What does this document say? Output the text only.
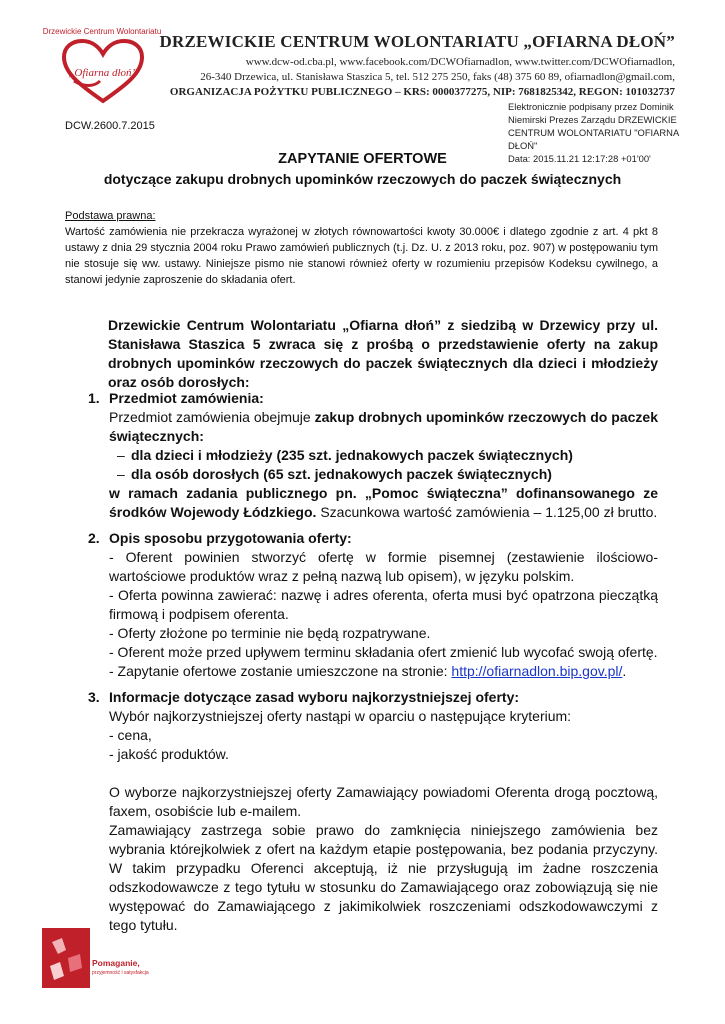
Drzewickie Centrum Wolontariatu
„Ofiarna dłoń”
DRZEWICKIE CENTRUM WOLONTARIATU „OFIARNA DŁOŃ”
www.dcw-od.cba.pl, www.facebook.com/DCWOfiarnadlon, www.twitter.com/DCWOfiarnadlon,
26-340 Drzewica, ul. Stanisława Staszica 5, tel. 512 275 250, faks (48) 375 60 89, ofiarnadlon@gmail.com,
ORGANIZACJA POŻYTKU PUBLICZNEGO – KRS: 0000377275, NIP: 7681825342, REGON: 101032737
DCW.2600.7.2015
Elektronicznie podpisany przez Dominik
Niemirski Prezes Zarządu DRZEWICKIE
CENTRUM WOLONTARIATU "OFIARNA DŁOŃ"
Data: 2015.11.21 12:17:28 +01'00'
ZAPYTANIE OFERTOWE
dotyczące zakupu drobnych upominków rzeczowych do paczek świątecznych
Podstawa prawna:
Wartość zamówienia nie przekracza wyrażonej w złotych równowartości kwoty 30.000€ i dlatego zgodnie z art. 4 pkt 8 ustawy z dnia 29 stycznia 2004 roku Prawo zamówień publicznych (t.j. Dz. U. z 2013 roku, poz. 907) w postępowaniu tym nie stosuje się ww. ustawy. Niniejsze pismo nie stanowi również oferty w rozumieniu przepisów Kodeksu cywilnego, a stanowi jedynie zaproszenie do składania ofert.
Drzewickie Centrum Wolontariatu „Ofiarna dłoń” z siedzibą w Drzewicy przy ul. Stanisława Staszica 5 zwraca się z prośbą o przedstawienie oferty na zakup drobnych upominków rzeczowych do paczek świątecznych dla dzieci i młodzieży oraz osób dorosłych:
1. Przedmiot zamówienia:

Przedmiot zamówienia obejmuje zakup drobnych upominków rzeczowych do paczek świątecznych:

– dla dzieci i młodzieży (235 szt. jednakowych paczek świątecznych)

– dla osób dorosłych (65 szt. jednakowych paczek świątecznych)

w ramach zadania publicznego pn. „Pomoc świąteczna” dofinansowanego ze środków Wojewody Łódzkiego. Szacunkowa wartość zamówienia – 1.125,00 zł brutto.

2. Opis sposobu przygotowania oferty:

- Oferent powinien stworzyć ofertę w formie pisemnej (zestawienie ilościowo-wartościowe produktów wraz z pełną nazwą lub opisem), w języku polskim.

- Oferta powinna zawierać: nazwę i adres oferenta, oferta musi być opatrzona pieczątką firmową i podpisem oferenta.

- Oferty złożone po terminie nie będą rozpatrywane.

- Oferent może przed upływem terminu składania ofert zmienić lub wycofać swoją ofertę.

- Zapytanie ofertowe zostanie umieszczone na stronie: http://ofiarnadlon.bip.gov.pl/.

3. Informacje dotyczące zasad wyboru najkorzystniejszej oferty:

Wybór najkorzystniejszej oferty nastąpi w oparciu o następujące kryterium:

- cena,

- jakość produktów.

O wyborze najkorzystniejszej oferty Zamawiający powiadomi Oferenta drogą pocztową, faxem, osobiście lub e-mailem.

Zamawiający zastrzega sobie prawo do zamknięcia niniejszego zamówienia bez wybrania którejkolwiek z ofert na każdym etapie postępowania, bez podania przyczyny. W takim przypadku Oferenci akceptują, iż nie przysługują im żadne roszczenia odszkodowawcze z tego tytułu w stosunku do Zamawiającego oraz zobowiązują się nie występować do Zamawiającego z jakimikolwiek roszczeniami odszkodowawczymi z tego tytułu.

Pomaganie,
przyjemność i satysfakcja
